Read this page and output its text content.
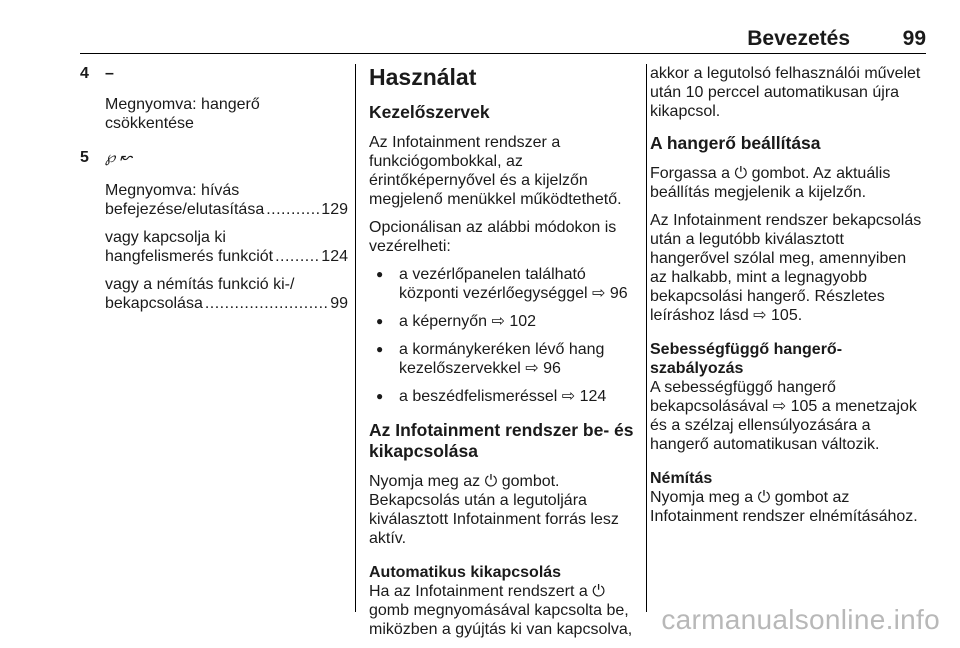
Bevezetés	99
4 –
Megnyomva: hangerő csökkentése
5 ℘ ↜
Megnyomva: hívás
befejezése/elutasítása .....	129
vagy kapcsolja ki
hangfelismerés funkciót .....	124
vagy a némítás funkció ki-/
bekapcsolása .....	99
Használat
Kezelőszervek
Az Infotainment rendszer a funkciógombokkal, az érintőképernyővel és a kijelzőn megjelenő menükkel működtethető.
Opcionálisan az alábbi módokon is vezérelheti:
● a vezérlőpanelen található központi vezérlőegységgel ⇨ 96
● a képernyőn ⇨ 102
● a kormánykeréken lévő hang kezelőszervekkel ⇨ 96
● a beszédfelismeréssel ⇨ 124
Az Infotainment rendszer be- és kikapcsolása
Nyomja meg az ⏻ gombot. Bekapcsolás után a legutoljára kiválasztott Infotainment forrás lesz aktív.
Automatikus kikapcsolás
Ha az Infotainment rendszert a ⏻ gomb megnyomásával kapcsolta be, miközben a gyújtás ki van kapcsolva,
akkor a legutolsó felhasználói művelet után 10 perccel automatikusan újra kikapcsol.
A hangerő beállítása
Forgassa a ⏻ gombot. Az aktuális beállítás megjelenik a kijelzőn.
Az Infotainment rendszer bekapcsolás után a legutóbb kiválasztott hangerővel szólal meg, amennyiben az halkabb, mint a legnagyobb bekapcsolási hangerő. Részletes leíráshoz lásd ⇨ 105.
Sebességfüggő hangerő-szabályozás
A sebességfüggő hangerő bekapcsolásával ⇨ 105 a menetzajok és a szélzaj ellensúlyozására a hangerő automatikusan változik.
Némítás
Nyomja meg a ⏻ gombot az Infotainment rendszer elnémításához.
carmanualsonline.info
